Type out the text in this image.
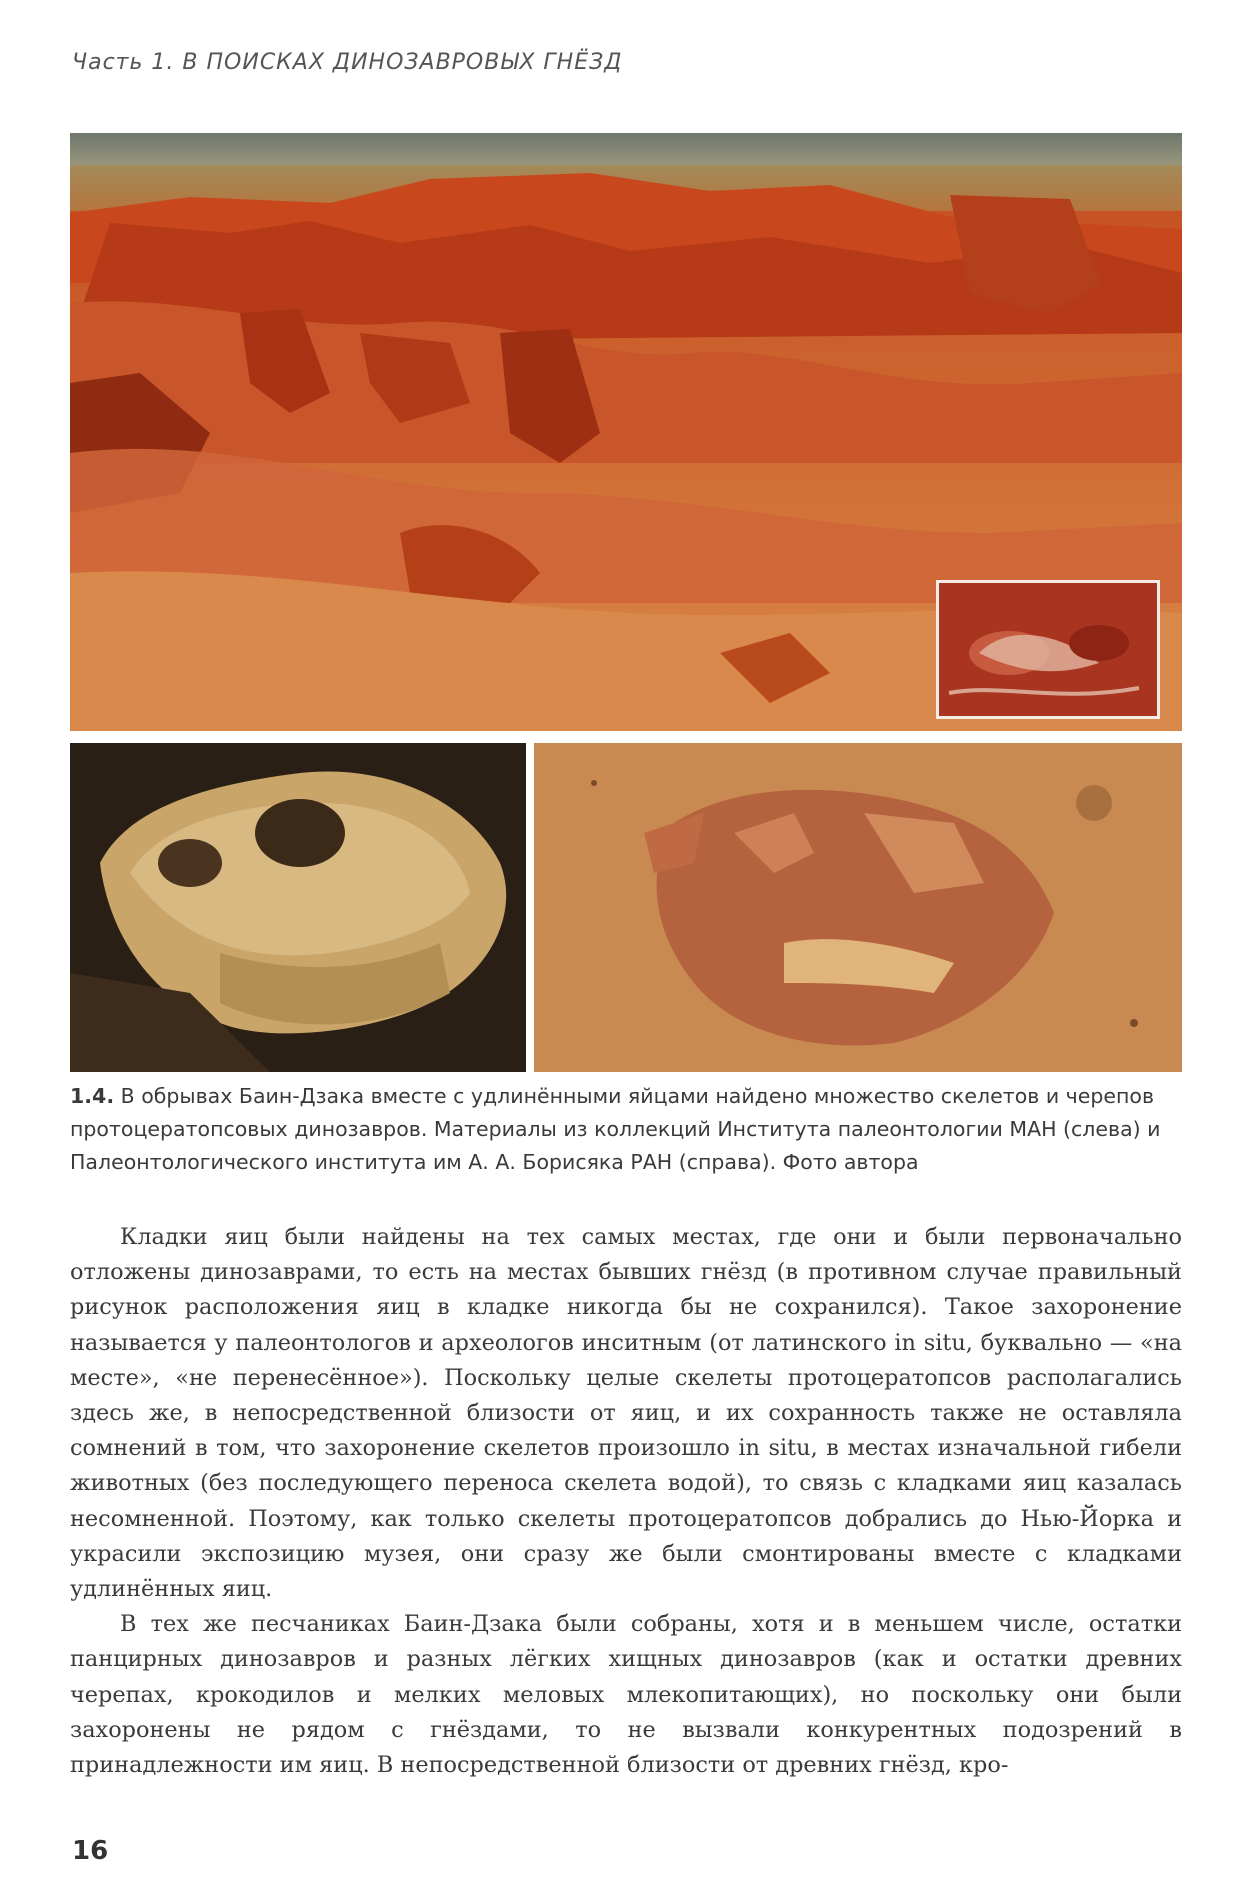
Часть 1. В ПОИСКАХ ДИНОЗАВРОВЫХ ГНЁЗД
1.4. В обрывах Баин-Дзака вместе с удлинёнными яйцами найдено множество скелетов и черепов протоцератопсовых динозавров. Материалы из коллекций Института палеонтологии МАН (слева) и Палеонтологического института им А. А. Борисяка РАН (справа). Фото автора

Кладки яиц были найдены на тех самых местах, где они и были первоначально отложены динозаврами, то есть на местах бывших гнёзд (в противном случае правильный рисунок расположения яиц в кладке никогда бы не сохранился). Такое захоронение называется у палеонтологов и археологов инситным (от латинского in situ, буквально — «на месте», «не перенесённое»). Поскольку целые скелеты протоцератопсов располагались здесь же, в непосредственной близости от яиц, и их сохранность также не оставляла сомнений в том, что захоронение скелетов произошло in situ, в местах изначальной гибели животных (без последующего переноса скелета водой), то связь с кладками яиц казалась несомненной. Поэтому, как только скелеты протоцератопсов добрались до Нью-Йорка и украсили экспозицию музея, они сразу же были смонтированы вместе с кладками удлинённых яиц.

В тех же песчаниках Баин-Дзака были собраны, хотя и в меньшем числе, остатки панцирных динозавров и разных лёгких хищных динозавров (как и остатки древних черепах, крокодилов и мелких меловых млекопитающих), но поскольку они были захоронены не рядом с гнёздами, то не вызвали конкурентных подозрений в принадлежности им яиц. В непосредственной близости от древних гнёзд, кро-

16
